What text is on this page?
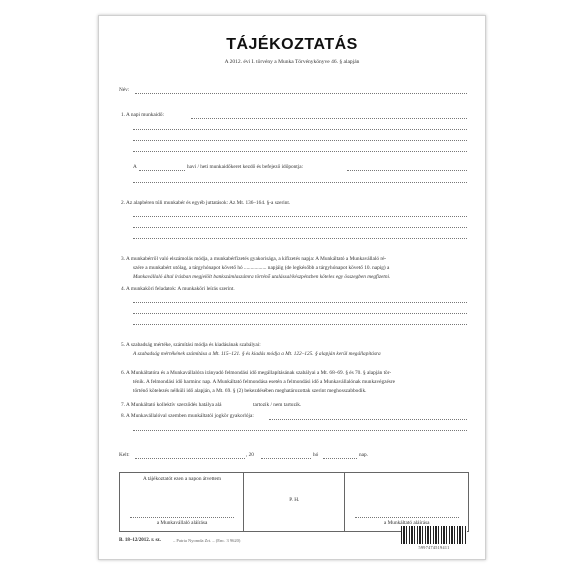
TÁJÉKOZTATÁS
A 2012. évi I. törvény a Munka Törvénykönyve 46. § alapján
Név:
1. A napi munkaidő:
A	havi / heti munkaidőkeret kezdő és befejező időpontja:
2. Az alapbéren túli munkabér és egyéb juttatások: Az Mt. 136–164. §-a szerint.
3. A munkabérről való elszámolás módja, a munkabérfizetés gyakorisága, a kifizetés napja: A Munkáltató a Munkavállaló ré-
szére a munkabért utólag, a tárgyhónapot követő hó ................. napjáig (de legkésőbb a tárgyhónapot követő 10. napig) a
Munkavállaló által írásban megjelölt bankszámlaszámra történő utalással/készpénzben köteles egy összegben megfizetni.
4. A munkaköri feladatok: A munkaköri leírás szerint.
5. A szabadság mértéke, számítási módja és kiadásának szabályai:
A szabadság mértékének számítása a Mt. 115–121. § és kiadás módja a Mt. 122–125. § alapján kerül megállapításra
6. A Munkáltatóra és a Munkavállalóra irányadó felmondási idő megállapításának szabályai a Mt. 68–69. § és 70. § alapján tör-
ténik. A felmondási idő harminc nap. A Munkáltató felmondása esetén a felmondási idő a Munkavállalónak munkavégzésre
történő kötelezés nélküli idő alapján, a Mt. 69. § (2) bekezdésében meghatározottak szerint meghosszabbodik.
7. A Munkáltató kollektív szerződés hatálya alá	tartozik / nem tartozik.
8. A Munkavállalóval szemben munkáltatói jogkör gyakorlója:
Kelt:	, 20	hó	nap.
A tájékoztatót ezen a napon átvettem
a Munkavállaló aláírása
P. H.
a Munkáltató aláírása
B. 18–12/2012. r. sz.	– Patria Nyomda Zrt. – (Enc. 3 9620)
5997474519411
